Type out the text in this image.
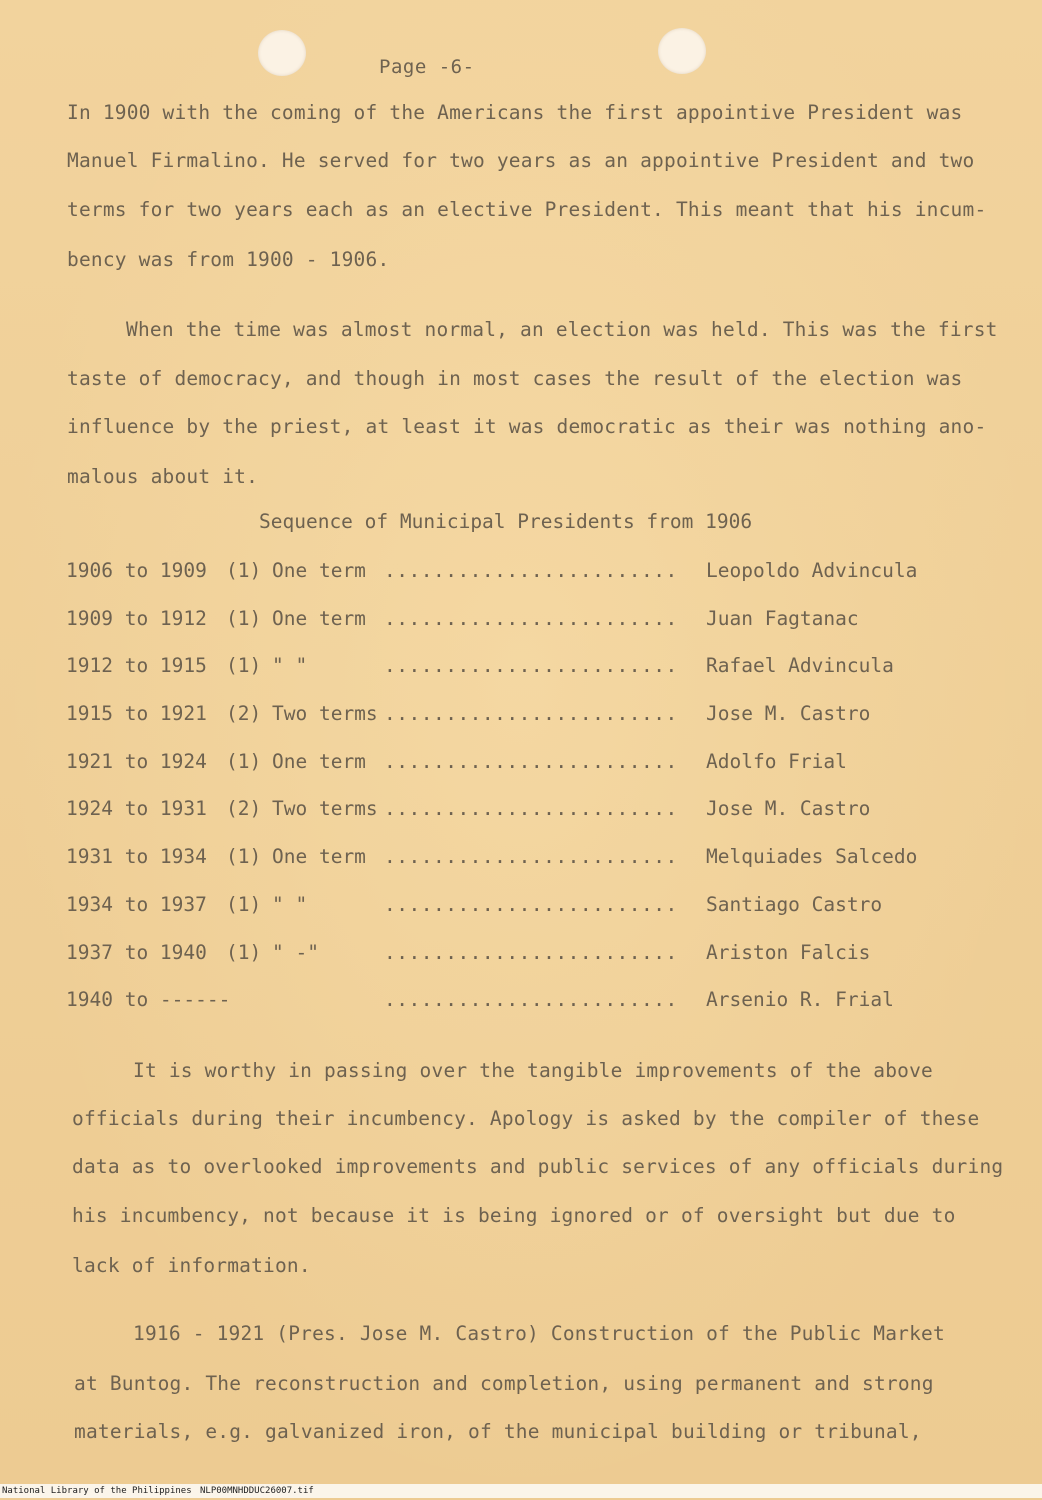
Page -6-
In 1900 with the coming of the Americans the first appointive President was
Manuel Firmalino. He served for two years as an appointive President and two
terms for two years each as an elective President. This meant that his incum-
bency was from 1900 - 1906.
When the time was almost normal, an election was held. This was the first
taste of democracy, and though in most cases the result of the election was
influence by the priest, at least it was democratic as their was nothing ano-
malous about it.
Sequence of Municipal Presidents from 1906
1906 to 1909 (1) One term ........................ Leopoldo Advincula
1909 to 1912 (1) One term ........................ Juan Fagtanac
1912 to 1915 (1) " "	........................ Rafael Advincula
1915 to 1921 (2) Two terms ........................ Jose M. Castro
1921 to 1924 (1) One term ........................ Adolfo Frial
1924 to 1931 (2) Two terms ........................ Jose M. Castro
1931 to 1934 (1) One term ........................ Melquiades Salcedo
1934 to 1937 (1) " "	........................ Santiago Castro
1937 to 1940 (1) " -"	........................ Ariston Falcis
1940 to ------	........................ Arsenio R. Frial
It is worthy in passing over the tangible improvements of the above
officials during their incumbency. Apology is asked by the compiler of these
data as to overlooked improvements and public services of any officials during
his incumbency, not because it is being ignored or of oversight but due to
lack of information.
1916 - 1921 (Pres. Jose M. Castro) Construction of the Public Market
at Buntog. The reconstruction and completion, using permanent and strong
materials, e.g. galvanized iron, of the municipal building or tribunal,
National Library of the Philippines NLP00MNHDDUC26007.tif
